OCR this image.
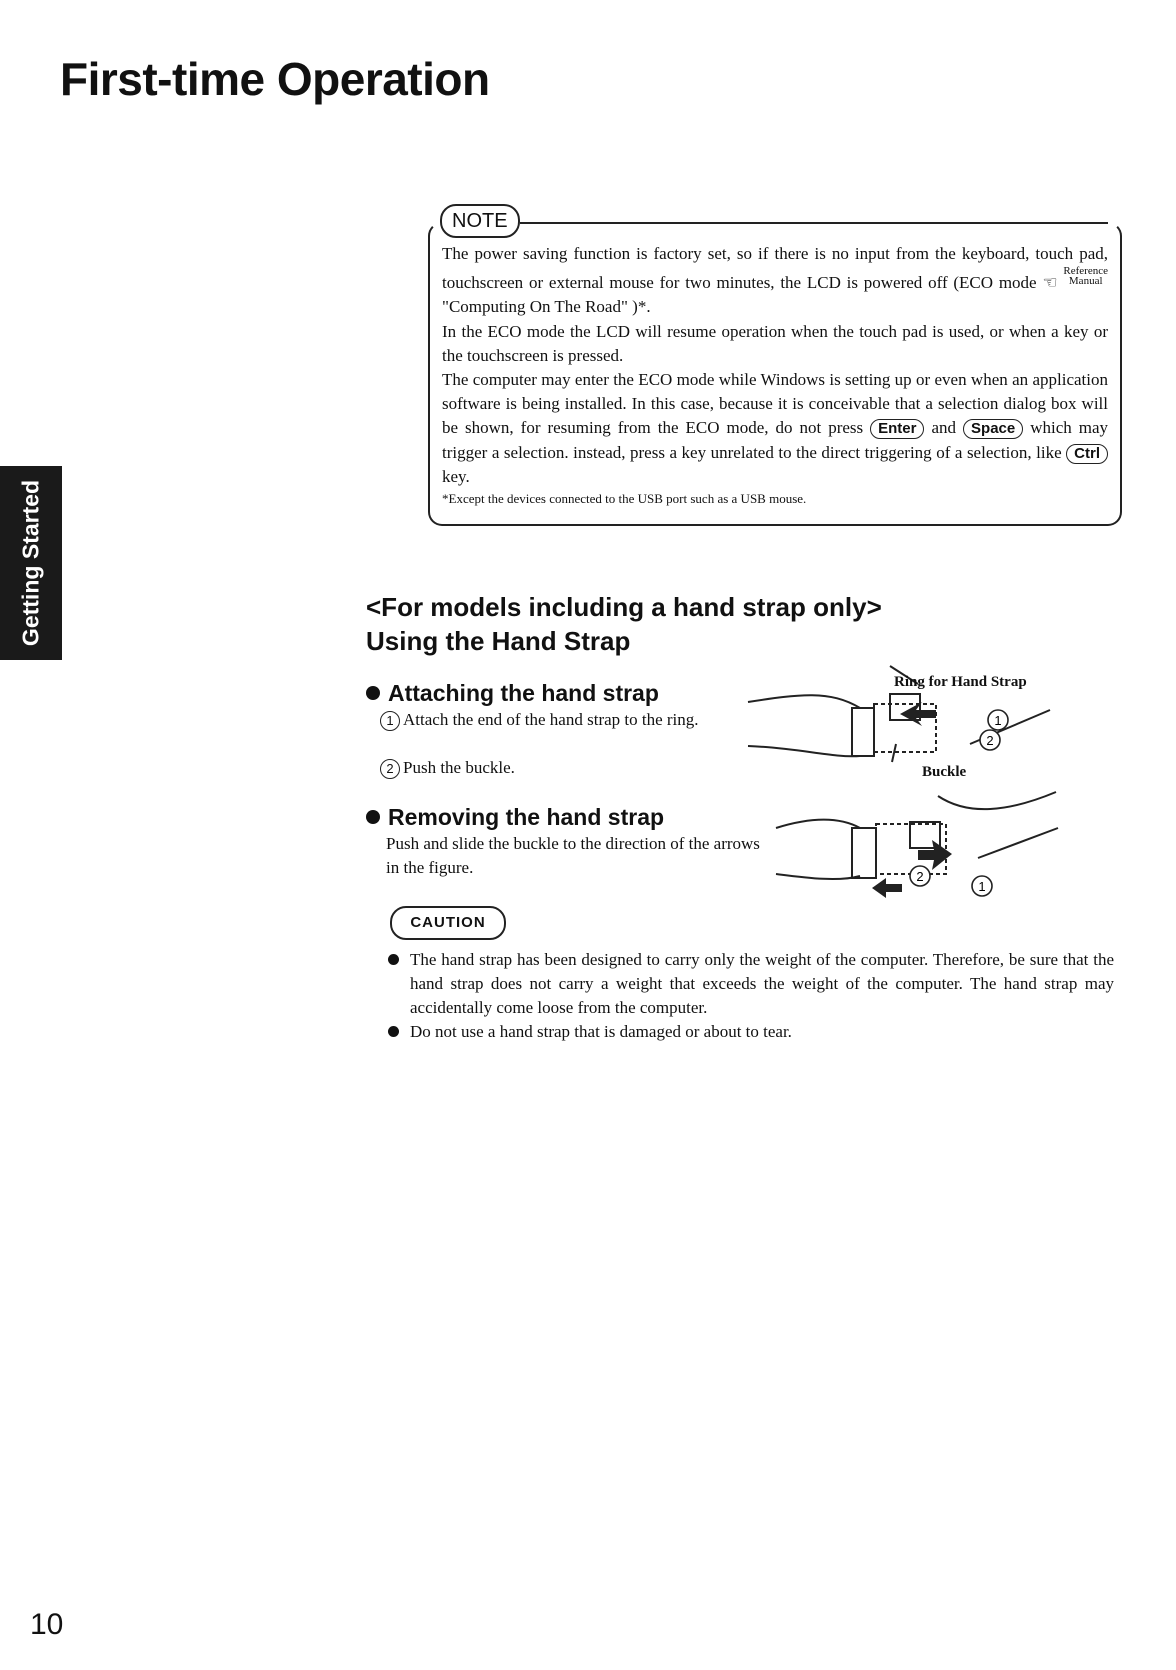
First-time Operation
Getting Started
NOTE

The power saving function is factory set, so if there is no input from the keyboard, touch pad, touchscreen or external mouse for two minutes, the LCD is powered off (ECO mode ☜ Reference
Manual "Computing On The Road" )*.

In the ECO mode the LCD will resume operation when the touch pad is used, or when a key or the touchscreen is pressed.

The computer may enter the ECO mode while Windows is setting up or even when an application software is being installed. In this case, because it is conceivable that a selection dialog box will be shown, for resuming from the ECO mode, do not press Enter and Space which may trigger a selection. instead, press a key unrelated to the direct triggering of a selection, like Ctrl key.

*Except the devices connected to the USB port such as a USB mouse.

<For models including a hand strap only>
Using the Hand Strap
Attaching the hand strap
1 Attach the end of the hand strap to the ring.
2 Push the buckle.
Removing the hand strap
Push and slide the buckle to the direction of the arrows in the figure.
1
2
Ring for Hand Strap
Buckle
2
1
CAUTION
The hand strap has been designed to carry only the weight of the computer. Therefore, be sure that the hand strap does not carry a weight that exceeds the weight of the computer. The hand strap may accidentally come loose from the computer.
Do not use a hand strap that is damaged or about to tear.
10
